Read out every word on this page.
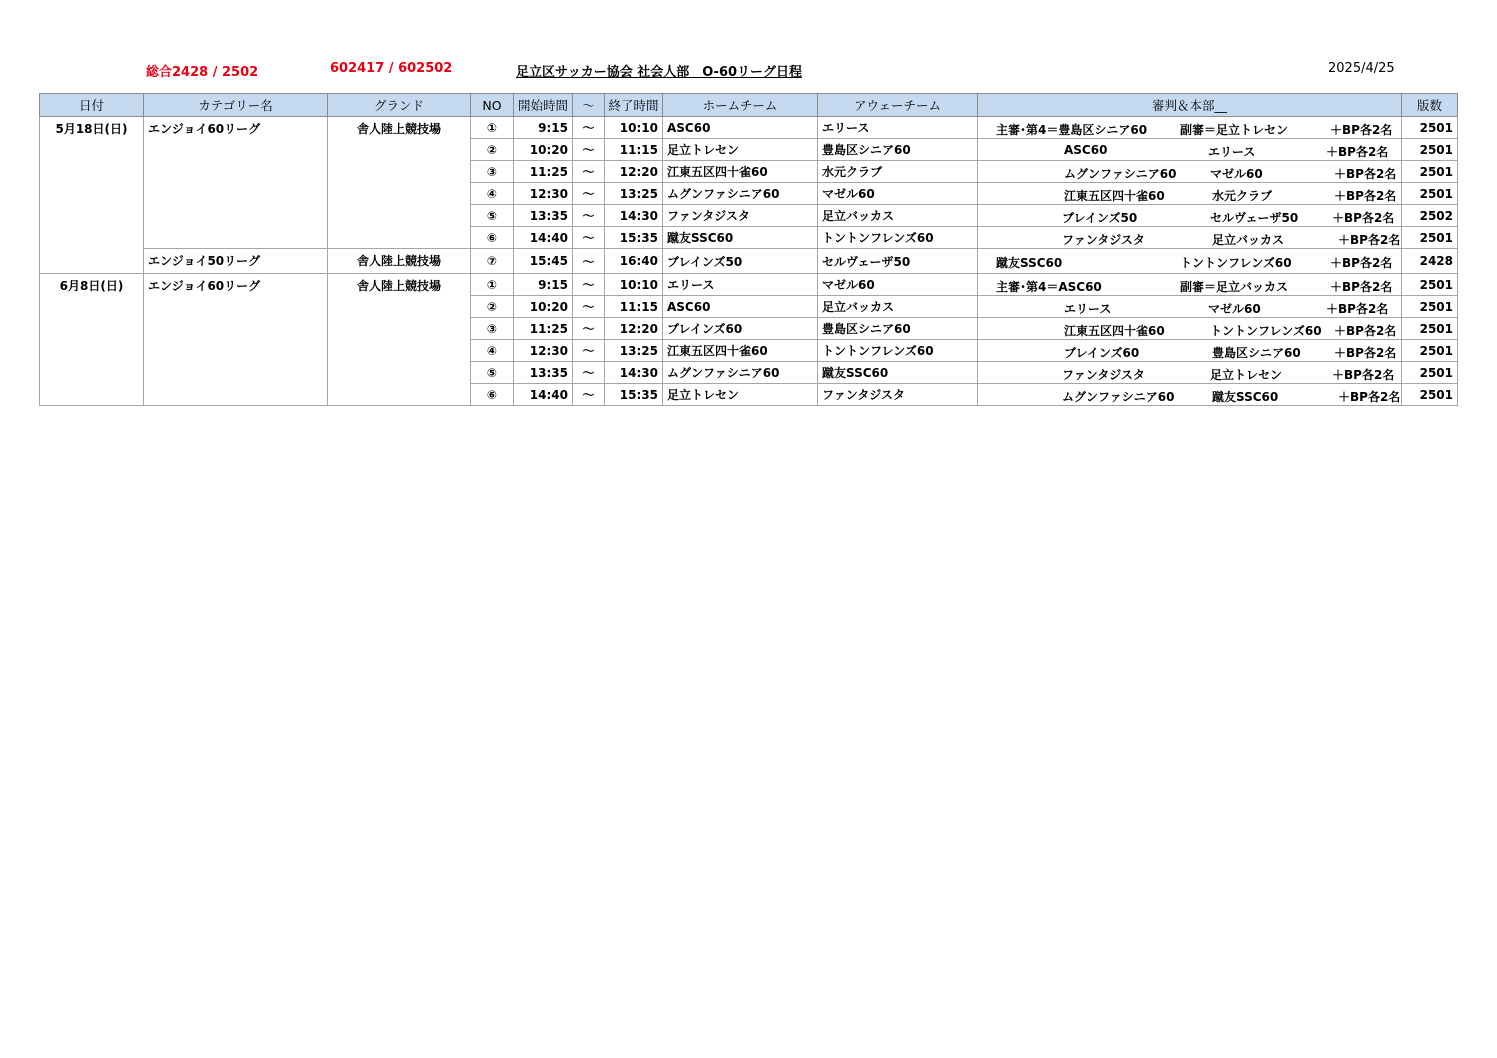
総合2428 / 2502	602417 / 602502	足立区サッカー協会 社会人部　O-60リーグ日程	2025/4/25
日付	カテゴリー名	グランド	NO	開始時間	～	終了時間	ホームチーム	アウェーチーム	審判＆本部__	版数
5月18日(日)	エンジョイ60リーグ	舎人陸上競技場	①	9:15	～	10:10	ASC60	エリース	主審･第4＝豊島区シニア60 副審＝足立トレセン ＋BP各2名	2501
			②	10:20	～	11:15	足立トレセン	豊島区シニア60	ASC60 エリース ＋BP各2名	2501
			③	11:25	～	12:20	江東五区四十雀60	水元クラブ	ムグンファシニア60 マゼル60 ＋BP各2名	2501
			④	12:30	～	13:25	ムグンファシニア60	マゼル60	江東五区四十雀60 水元クラブ ＋BP各2名	2501
			⑤	13:35	～	14:30	ファンタジスタ	足立バッカス	ブレインズ50 セルヴェーザ50 ＋BP各2名	2502
			⑥	14:40	～	15:35	蹴友SSC60	トントンフレンズ60	ファンタジスタ 足立バッカス ＋BP各2名	2501
	エンジョイ50リーグ	舎人陸上競技場	⑦	15:45	～	16:40	ブレインズ50	セルヴェーザ50	蹴友SSC60 トントンフレンズ60 ＋BP各2名	2428
6月8日(日)	エンジョイ60リーグ	舎人陸上競技場	①	9:15	～	10:10	エリース	マゼル60	主審･第4＝ASC60 副審＝足立バッカス ＋BP各2名	2501
			②	10:20	～	11:15	ASC60	足立バッカス	エリース マゼル60 ＋BP各2名	2501
			③	11:25	～	12:20	ブレインズ60	豊島区シニア60	江東五区四十雀60 トントンフレンズ60 ＋BP各2名	2501
			④	12:30	～	13:25	江東五区四十雀60	トントンフレンズ60	ブレインズ60 豊島区シニア60 ＋BP各2名	2501
			⑤	13:35	～	14:30	ムグンファシニア60	蹴友SSC60	ファンタジスタ 足立トレセン ＋BP各2名	2501
			⑥	14:40	～	15:35	足立トレセン	ファンタジスタ	ムグンファシニア60 蹴友SSC60 ＋BP各2名	2501
